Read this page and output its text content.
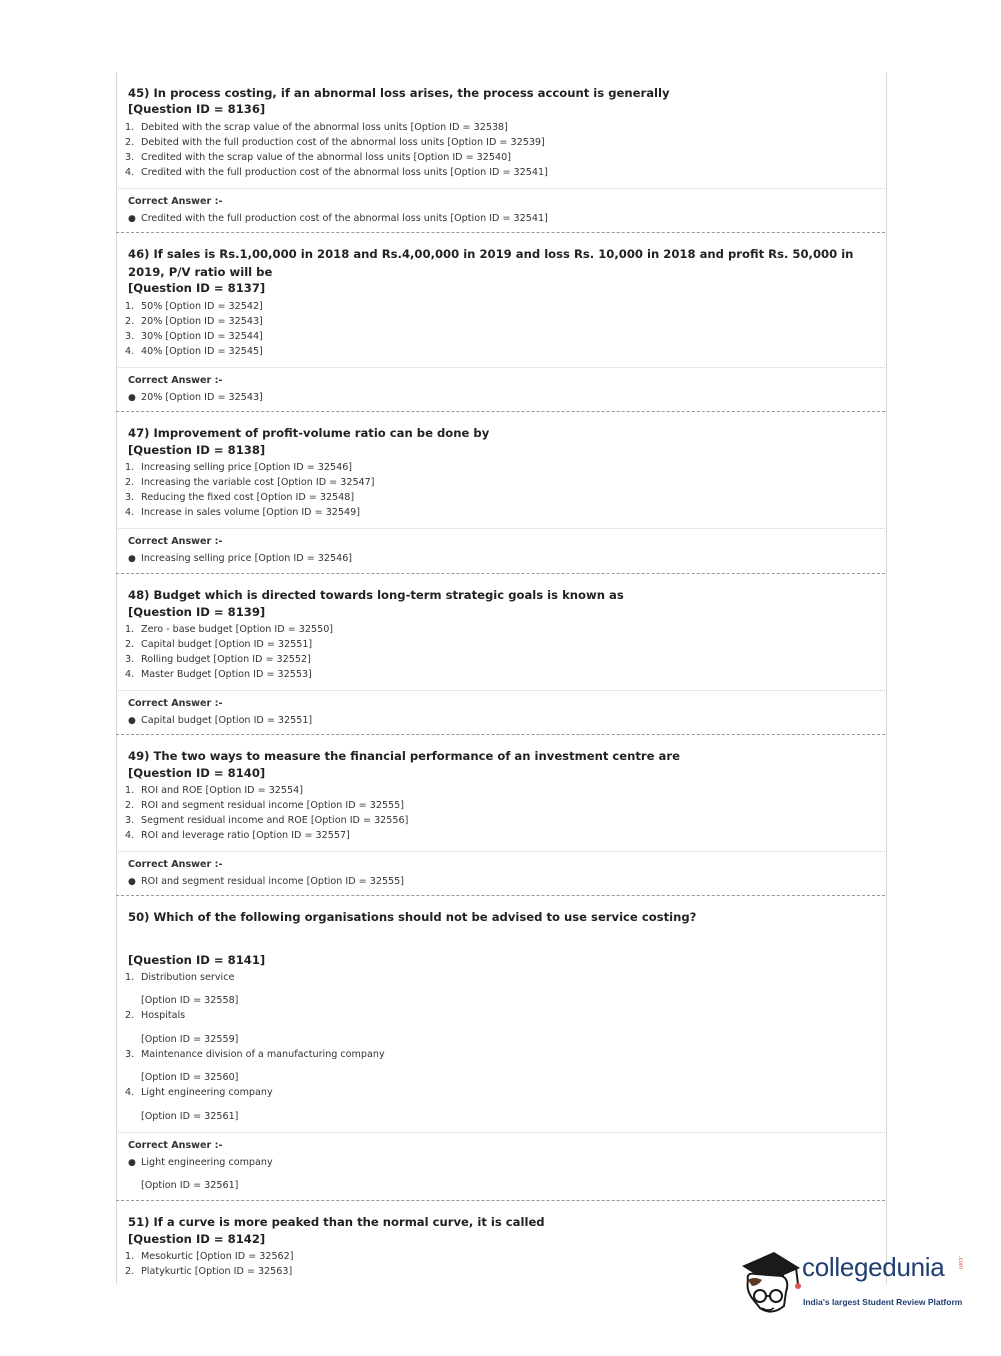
45) In process costing, if an abnormal loss arises, the process account is generally
[Question ID = 8136]
1. Debited with the scrap value of the abnormal loss units [Option ID = 32538]
2. Debited with the full production cost of the abnormal loss units [Option ID = 32539]
3. Credited with the scrap value of the abnormal loss units [Option ID = 32540]
4. Credited with the full production cost of the abnormal loss units [Option ID = 32541]
Correct Answer :-
● Credited with the full production cost of the abnormal loss units [Option ID = 32541]
46) If sales is Rs.1,00,000 in 2018 and Rs.4,00,000 in 2019 and loss Rs. 10,000 in 2018 and profit Rs. 50,000 in 2019, P/V ratio will be
[Question ID = 8137]
1. 50% [Option ID = 32542]
2. 20% [Option ID = 32543]
3. 30% [Option ID = 32544]
4. 40% [Option ID = 32545]
Correct Answer :-
● 20% [Option ID = 32543]
47) Improvement of profit-volume ratio can be done by
[Question ID = 8138]
1. Increasing selling price [Option ID = 32546]
2. Increasing the variable cost [Option ID = 32547]
3. Reducing the fixed cost [Option ID = 32548]
4. Increase in sales volume [Option ID = 32549]
Correct Answer :-
● Increasing selling price [Option ID = 32546]
48) Budget which is directed towards long-term strategic goals is known as
[Question ID = 8139]
1. Zero - base budget [Option ID = 32550]
2. Capital budget [Option ID = 32551]
3. Rolling budget [Option ID = 32552]
4. Master Budget [Option ID = 32553]
Correct Answer :-
● Capital budget [Option ID = 32551]
49) The two ways to measure the financial performance of an investment centre are
[Question ID = 8140]
1. ROI and ROE [Option ID = 32554]
2. ROI and segment residual income [Option ID = 32555]
3. Segment residual income and ROE [Option ID = 32556]
4. ROI and leverage ratio [Option ID = 32557]
Correct Answer :-
● ROI and segment residual income [Option ID = 32555]
50) Which of the following organisations should not be advised to use service costing?
[Question ID = 8141]
1. Distribution service
[Option ID = 32558]
2. Hospitals
[Option ID = 32559]
3. Maintenance division of a manufacturing company
[Option ID = 32560]
4. Light engineering company
[Option ID = 32561]
Correct Answer :-
● Light engineering company
[Option ID = 32561]
51) If a curve is more peaked than the normal curve, it is called
[Question ID = 8142]
1. Mesokurtic [Option ID = 32562]
2. Platykurtic [Option ID = 32563]	collegedunia .com
India's largest Student Review Platform
